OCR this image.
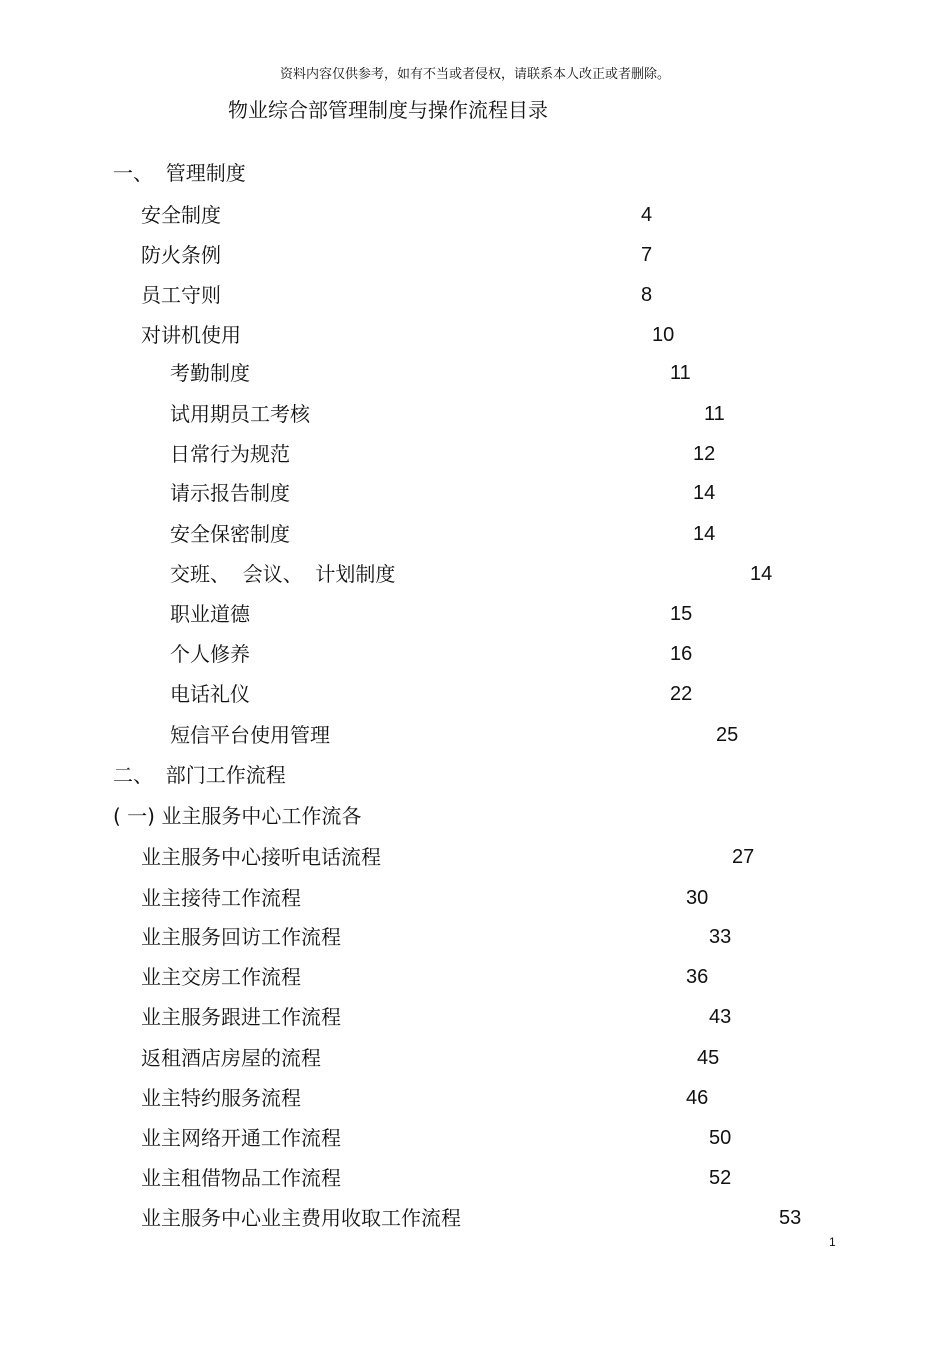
资料内容仅供参考，如有不当或者侵权，请联系本人改正或者删除。
物业综合部管理制度与操作流程目录
一、  管理制度
安全制度	4
防火条例	7
员工守则	8
对讲机使用	10
考勤制度	11
试用期员工考核	11
日常行为规范	12
请示报告制度	14
安全保密制度	14
交班、  会议、  计划制度	14
职业道德	15
个人修养	16
电话礼仪	22
短信平台使用管理	25
二、  部门工作流程
( 一) 业主服务中心工作流各
业主服务中心接听电话流程	27
业主接待工作流程	30
业主服务回访工作流程	33
业主交房工作流程	36
业主服务跟进工作流程	43
返租酒店房屋的流程	45
业主特约服务流程	46
业主网络开通工作流程	50
业主租借物品工作流程	52
业主服务中心业主费用收取工作流程	53
1
